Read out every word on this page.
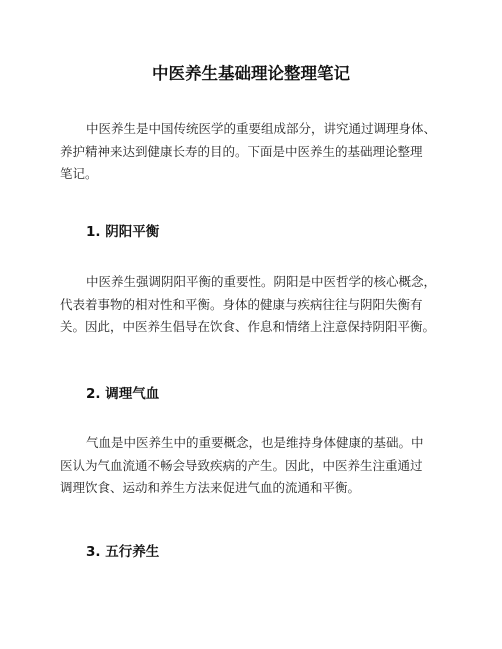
中医养生基础理论整理笔记

中医养生是中国传统医学的重要组成部分，讲究通过调理身体、
养护精神来达到健康长寿的目的。下面是中医养生的基础理论整理
笔记。

1. 阴阳平衡

中医养生强调阴阳平衡的重要性。阴阳是中医哲学的核心概念，
代表着事物的相对性和平衡。身体的健康与疾病往往与阴阳失衡有
关。因此，中医养生倡导在饮食、作息和情绪上注意保持阴阳平衡。

2. 调理气血

气血是中医养生中的重要概念，也是维持身体健康的基础。中
医认为气血流通不畅会导致疾病的产生。因此，中医养生注重通过
调理饮食、运动和养生方法来促进气血的流通和平衡。

3. 五行养生
